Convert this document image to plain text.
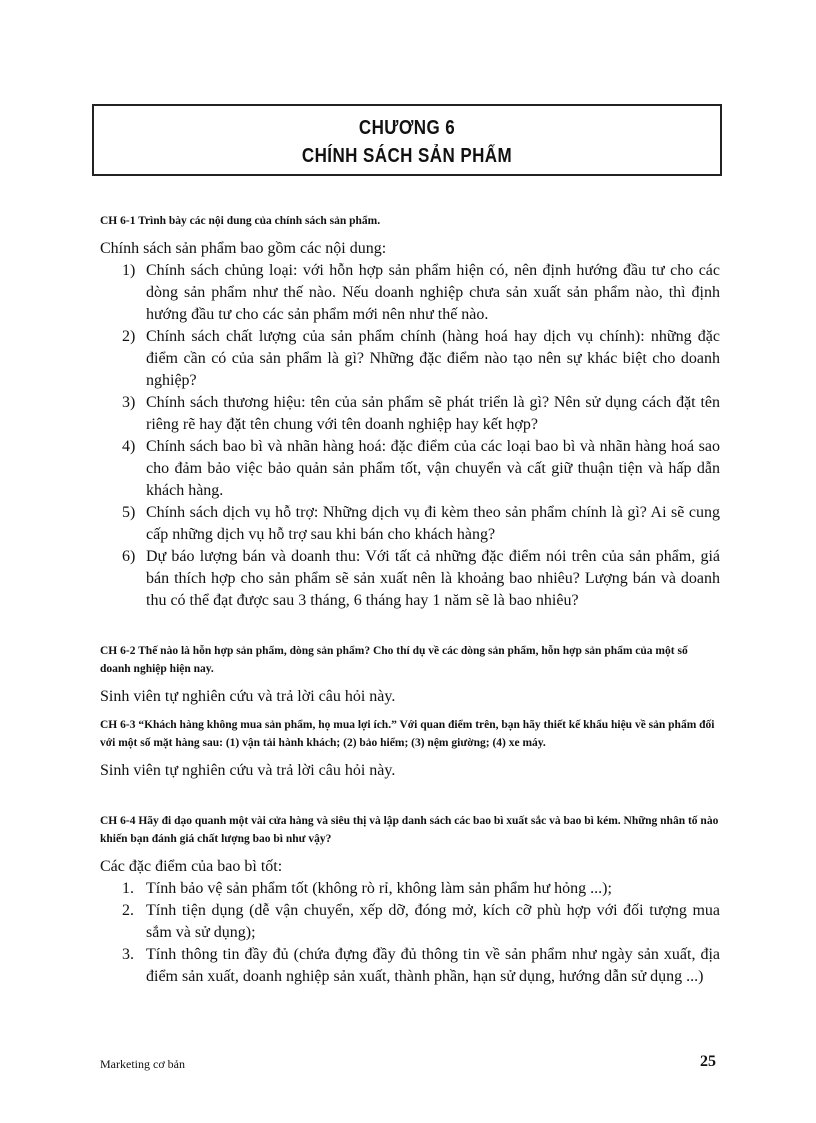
CHƯƠNG 6
CHÍNH SÁCH SẢN PHẨM

CH 6-1 Trình bày các nội dung của chính sách sản phẩm.

Chính sách sản phẩm bao gồm các nội dung:

1) Chính sách chủng loại: với hỗn hợp sản phẩm hiện có, nên định hướng đầu tư cho các dòng sản phẩm như thế nào. Nếu doanh nghiệp chưa sản xuất sản phẩm nào, thì định hướng đầu tư cho các sản phẩm mới nên như thế nào.
2) Chính sách chất lượng của sản phẩm chính (hàng hoá hay dịch vụ chính): những đặc điểm cần có của sản phẩm là gì? Những đặc điểm nào tạo nên sự khác biệt cho doanh nghiệp?
3) Chính sách thương hiệu: tên của sản phẩm sẽ phát triển là gì? Nên sử dụng cách đặt tên riêng rẽ hay đặt tên chung với tên doanh nghiệp hay kết hợp?
4) Chính sách bao bì và nhãn hàng hoá: đặc điểm của các loại bao bì và nhãn hàng hoá sao cho đảm bảo việc bảo quản sản phẩm tốt, vận chuyển và cất giữ thuận tiện và hấp dẫn khách hàng.
5) Chính sách dịch vụ hỗ trợ: Những dịch vụ đi kèm theo sản phẩm chính là gì? Ai sẽ cung cấp những dịch vụ hỗ trợ sau khi bán cho khách hàng?
6) Dự báo lượng bán và doanh thu: Với tất cả những đặc điểm nói trên của sản phẩm, giá bán thích hợp cho sản phẩm sẽ sản xuất nên là khoảng bao nhiêu? Lượng bán và doanh thu có thể đạt được sau 3 tháng, 6 tháng hay 1 năm sẽ là bao nhiêu?

CH 6-2 Thế nào là hỗn hợp sản phẩm, dòng sản phẩm? Cho thí dụ về các dòng sản phẩm, hỗn hợp sản phẩm của một số doanh nghiệp hiện nay.

Sinh viên tự nghiên cứu và trả lời câu hỏi này.

CH 6-3 “Khách hàng không mua sản phẩm, họ mua lợi ích.” Với quan điểm trên, bạn hãy thiết kế khẩu hiệu về sản phẩm đối với một số mặt hàng sau: (1) vận tải hành khách; (2) bảo hiểm; (3) nệm giường; (4) xe máy.

Sinh viên tự nghiên cứu và trả lời câu hỏi này.

CH 6-4 Hãy đi dạo quanh một vài cửa hàng và siêu thị và lập danh sách các bao bì xuất sắc và bao bì kém. Những nhân tố nào khiến bạn đánh giá chất lượng bao bì như vậy?

Các đặc điểm của bao bì tốt:

1. Tính bảo vệ sản phẩm tốt (không rò rỉ, không làm sản phẩm hư hỏng ...);
2. Tính tiện dụng (dễ vận chuyển, xếp dỡ, đóng mở, kích cỡ phù hợp với đối tượng mua sắm và sử dụng);
3. Tính thông tin đầy đủ (chứa đựng đầy đủ thông tin về sản phẩm như ngày sản xuất, địa điểm sản xuất, doanh nghiệp sản xuất, thành phần, hạn sử dụng, hướng dẫn sử dụng ...)
Marketing cơ bản	25
